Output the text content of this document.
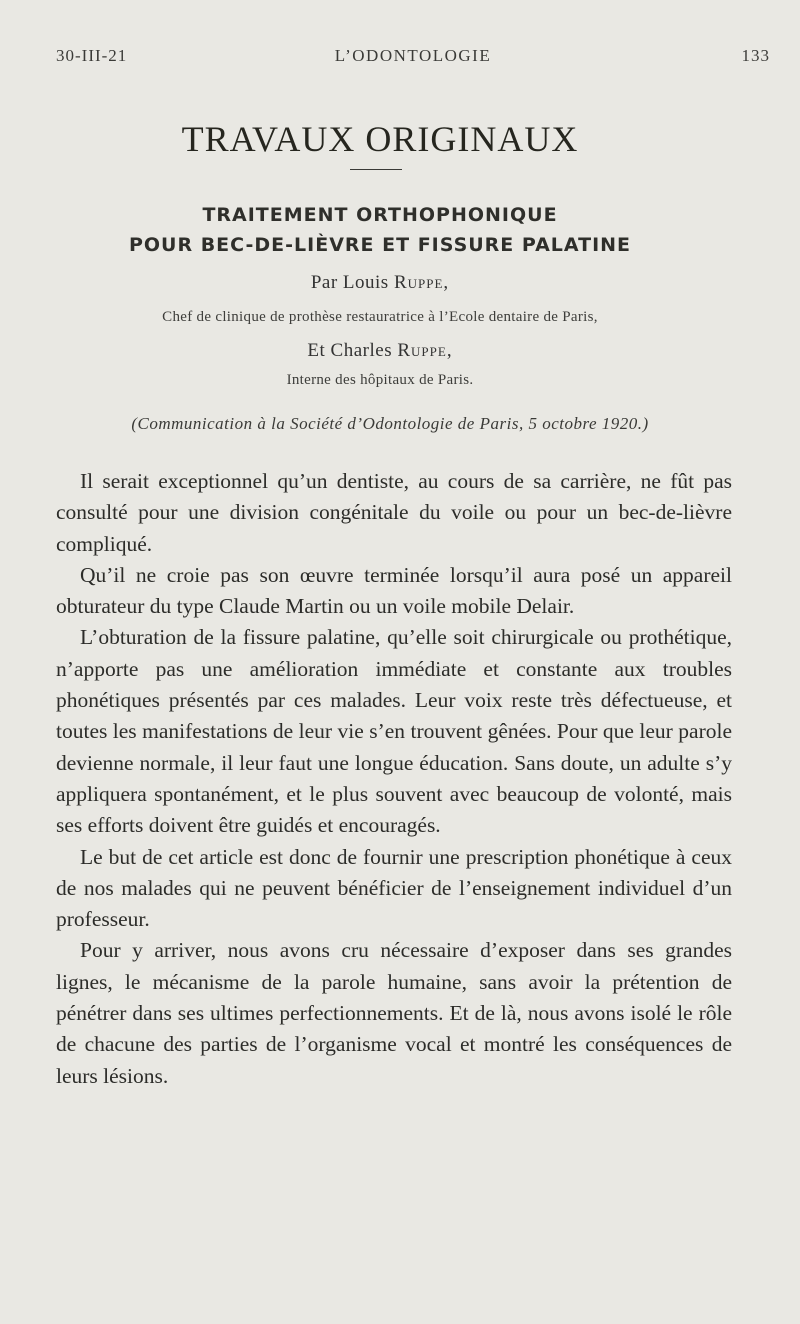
30-III-21	L’ODONTOLOGIE	133
TRAVAUX ORIGINAUX
TRAITEMENT ORTHOPHONIQUE
POUR BEC-DE-LIÈVRE ET FISSURE PALATINE
Par Louis Ruppe,
Chef de clinique de prothèse restauratrice à l’Ecole dentaire de Paris,
Et Charles Ruppe,
Interne des hôpitaux de Paris.
(Communication à la Société d’Odontologie de Paris, 5 octobre 1920.)

Il serait exceptionnel qu’un dentiste, au cours de sa carrière, ne fût pas consulté pour une division congénitale du voile ou pour un bec-de-lièvre compliqué.

Qu’il ne croie pas son œuvre terminée lorsqu’il aura posé un appareil obturateur du type Claude Martin ou un voile mobile Delair.

L’obturation de la fissure palatine, qu’elle soit chirurgicale ou prothétique, n’apporte pas une amélioration immédiate et constante aux troubles phonétiques présentés par ces malades. Leur voix reste très défectueuse, et toutes les manifestations de leur vie s’en trouvent gênées. Pour que leur parole devienne normale, il leur faut une longue éducation. Sans doute, un adulte s’y appliquera spontanément, et le plus souvent avec beaucoup de volonté, mais ses efforts doivent être guidés et encouragés.

Le but de cet article est donc de fournir une prescription phonétique à ceux de nos malades qui ne peuvent bénéficier de l’enseignement individuel d’un professeur.

Pour y arriver, nous avons cru nécessaire d’exposer dans ses grandes lignes, le mécanisme de la parole humaine, sans avoir la prétention de pénétrer dans ses ultimes perfectionnements. Et de là, nous avons isolé le rôle de chacune des parties de l’organisme vocal et montré les conséquences de leurs lésions.
